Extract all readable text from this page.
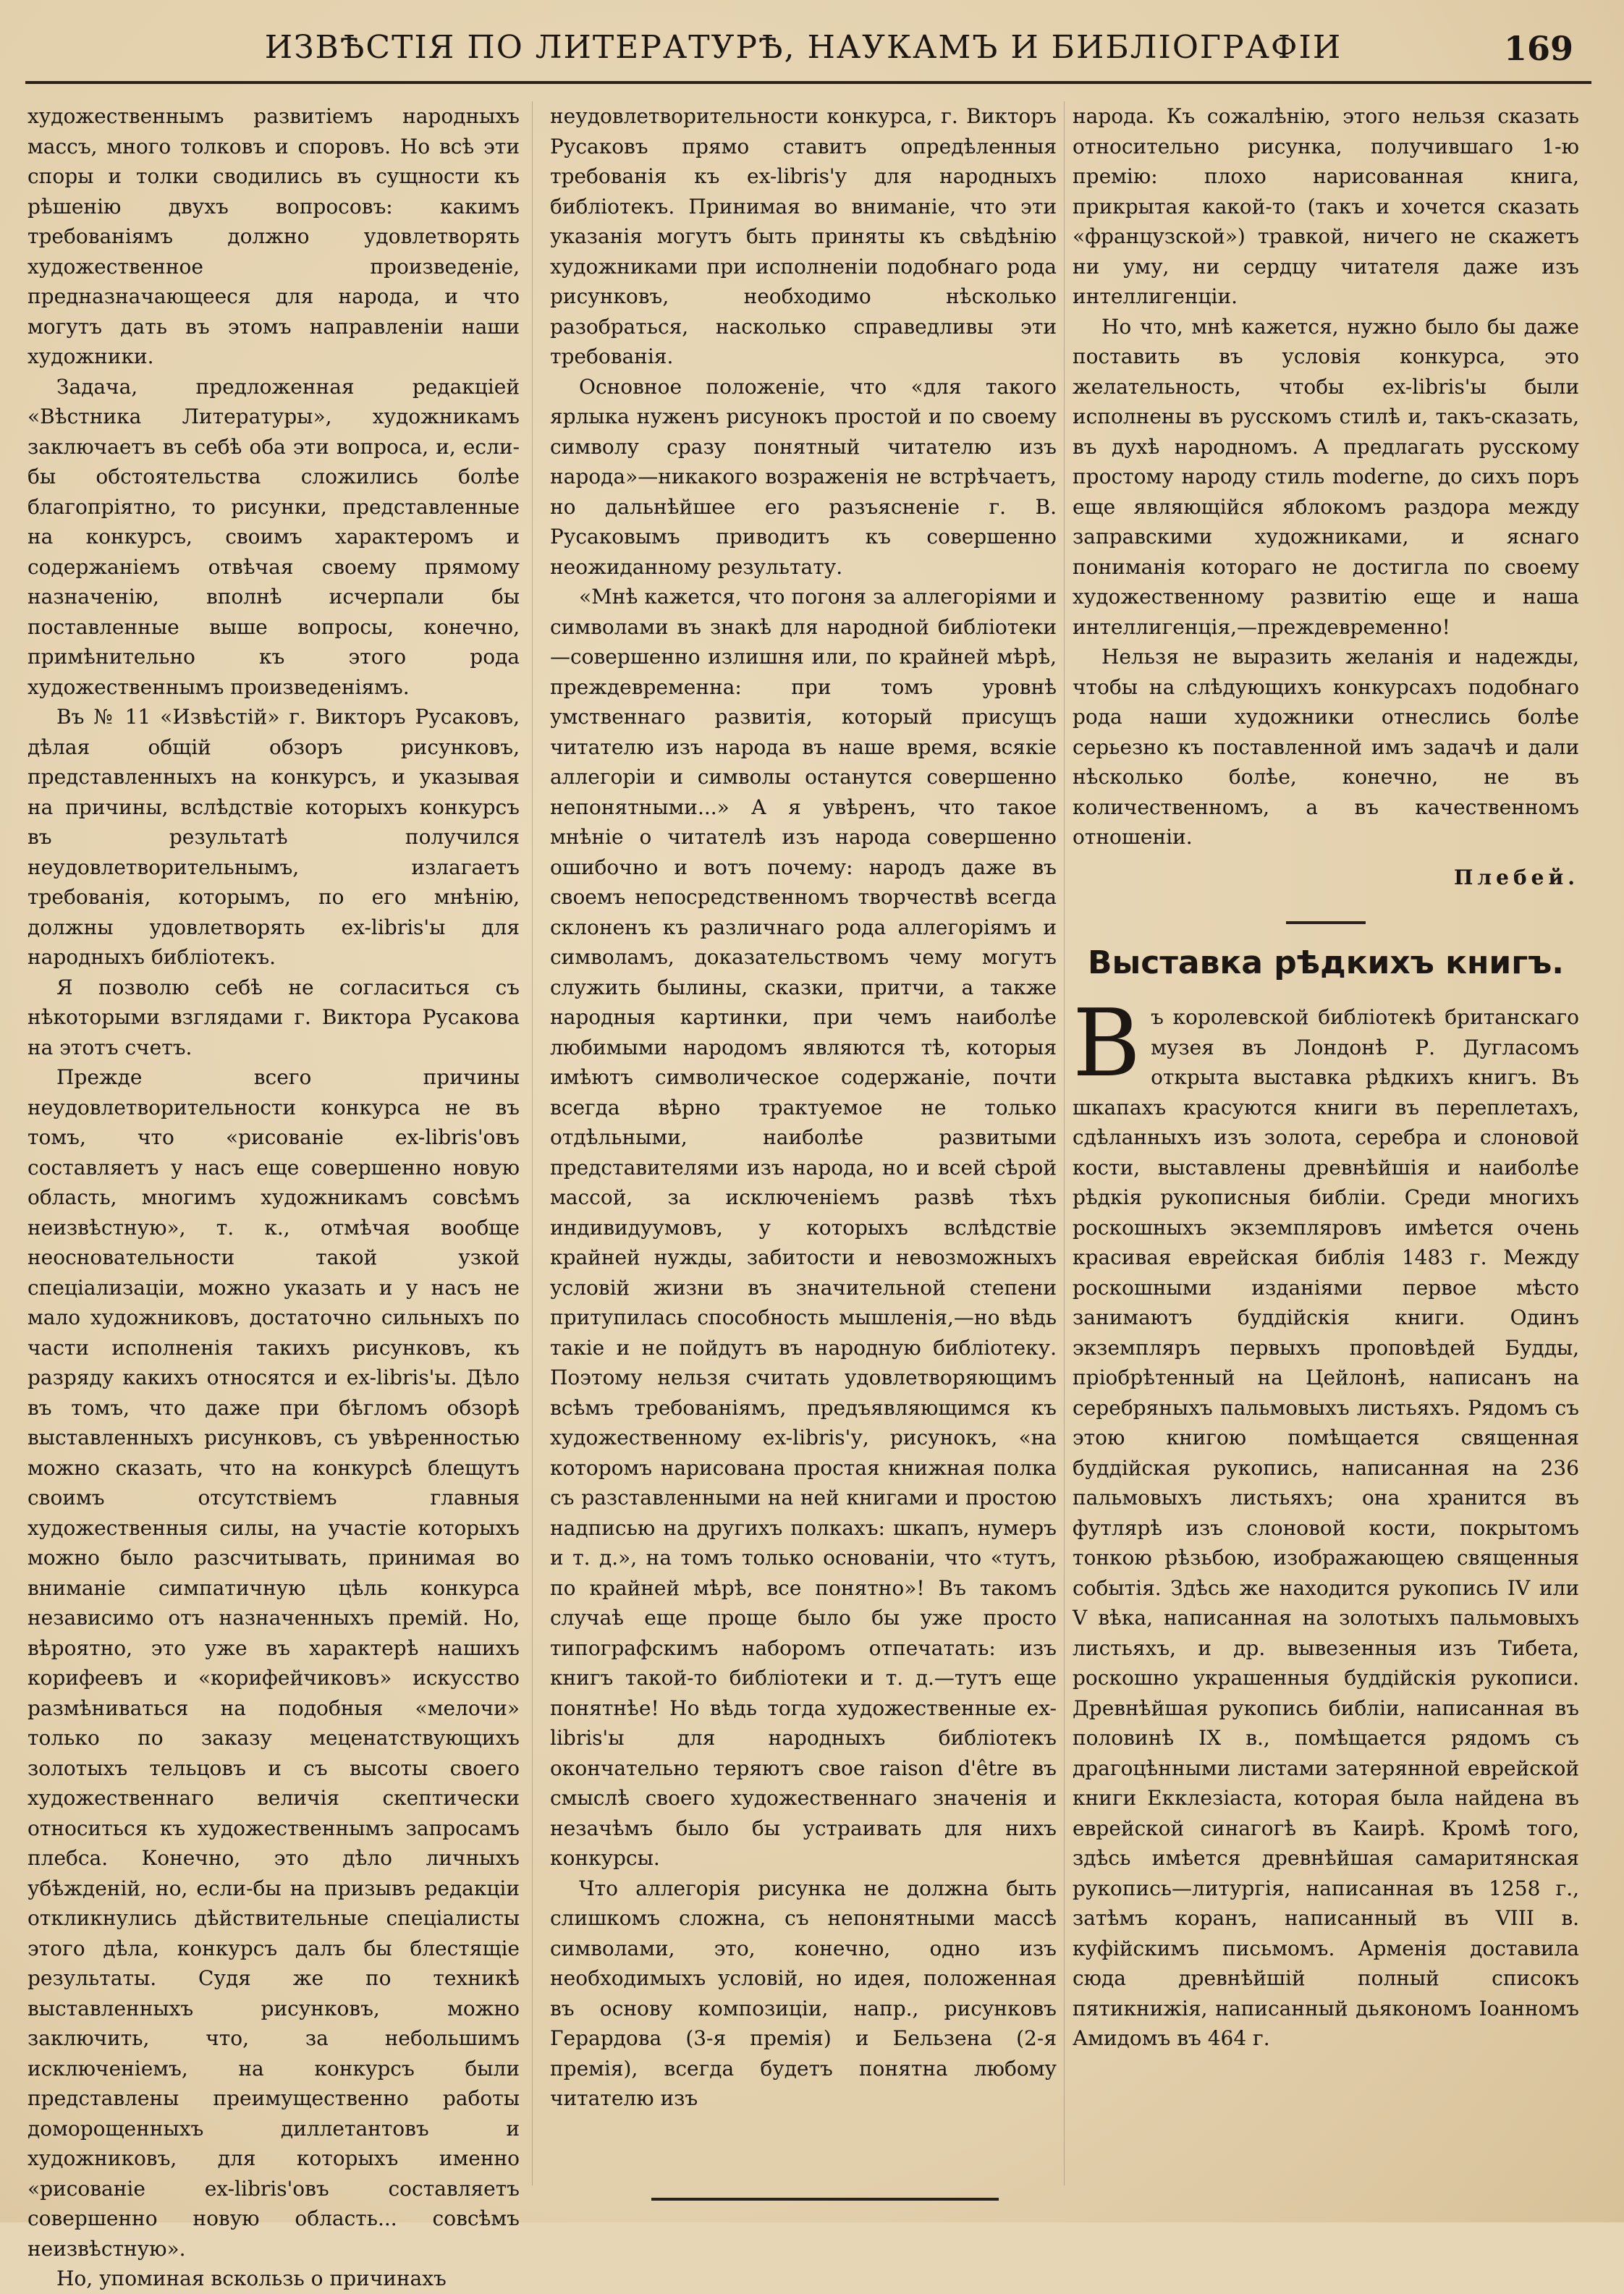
ИЗВѢСТІЯ ПО ЛИТЕРАТУРѢ, НАУКАМЪ И БИБЛІОГРАФІИ	169

художественнымъ развитіемъ народныхъ массъ, много толковъ и споровъ. Но всѣ эти споры и толки сводились въ сущности къ рѣшенію двухъ вопросовъ: какимъ требованіямъ должно удовлетворять художественное произведеніе, предназначающееся для народа, и что могутъ дать въ этомъ направленіи наши художники.

Задача, предложенная редакціей «Вѣстника Литературы», художникамъ заключаетъ въ себѣ оба эти вопроса, и, если-бы обстоятельства сложились болѣе благопріятно, то рисунки, представленные на конкурсъ, своимъ характеромъ и содержаніемъ отвѣчая своему прямому назначенію, вполнѣ исчерпали бы поставленные выше вопросы, конечно, примѣнительно къ этого рода художественнымъ произведеніямъ.

Въ № 11 «Извѣстій» г. Викторъ Русаковъ, дѣлая общій обзоръ рисунковъ, представленныхъ на конкурсъ, и указывая на причины, вслѣдствіе которыхъ конкурсъ въ результатѣ получился неудовлетворительнымъ, излагаетъ требованія, которымъ, по его мнѣнію, должны удовлетворять ex-libris'ы для народныхъ библіотекъ.

Я позволю себѣ не согласиться съ нѣкоторыми взглядами г. Виктора Русакова на этотъ счетъ.

Прежде всего причины неудовлетворительности конкурса не въ томъ, что «рисованіе ex-libris'овъ составляетъ у насъ еще совершенно новую область, многимъ художникамъ совсѣмъ неизвѣстную», т. к., отмѣчая вообще неосновательности такой узкой спеціализаціи, можно указать и у насъ не мало художниковъ, достаточно сильныхъ по части исполненія такихъ рисунковъ, къ разряду какихъ относятся и ex-libris'ы. Дѣло въ томъ, что даже при бѣгломъ обзорѣ выставленныхъ рисунковъ, съ увѣренностью можно сказать, что на конкурсѣ блещутъ своимъ отсутствіемъ главныя художественныя силы, на участіе которыхъ можно было разсчитывать, принимая во вниманіе симпатичную цѣль конкурса независимо отъ назначенныхъ премій. Но, вѣроятно, это уже въ характерѣ нашихъ корифеевъ и «корифейчиковъ» искусство размѣниваться на подобныя «мелочи» только по заказу меценатствующихъ золотыхъ тельцовъ и съ высоты своего художественнаго величія скептически относиться къ художественнымъ запросамъ плебса. Конечно, это дѣло личныхъ убѣжденій, но, если-бы на призывъ редакціи откликнулись дѣйствительные спеціалисты этого дѣла, конкурсъ далъ бы блестящіе результаты. Судя же по техникѣ выставленныхъ рисунковъ, можно заключить, что, за небольшимъ исключеніемъ, на конкурсъ были представлены преимущественно работы доморощенныхъ диллетантовъ и художниковъ, для которыхъ именно «рисованіе ex-libris'овъ составляетъ совершенно новую область... совсѣмъ неизвѣстную».

Но, упоминая вскользь о причинахъ

неудовлетворительности конкурса, г. Викторъ Русаковъ прямо ставитъ опредѣленныя требованія къ ex-libris'у для народныхъ библіотекъ. Принимая во вниманіе, что эти указанія могутъ быть приняты къ свѣдѣнію художниками при исполненіи подобнаго рода рисунковъ, необходимо нѣсколько разобраться, насколько справедливы эти требованія.

Основное положеніе, что «для такого ярлыка нуженъ рисунокъ простой и по своему символу сразу понятный читателю изъ народа»—никакого возраженія не встрѣчаетъ, но дальнѣйшее его разъясненіе г. В. Русаковымъ приводитъ къ совершенно неожиданному результату.

«Мнѣ кажется, что погоня за аллегоріями и символами въ знакѣ для народной библіотеки—совершенно излишня или, по крайней мѣрѣ, преждевременна: при томъ уровнѣ умственнаго развитія, который присущъ читателю изъ народа въ наше время, всякіе аллегоріи и символы останутся совершенно непонятными...» А я увѣренъ, что такое мнѣніе о читателѣ изъ народа совершенно ошибочно и вотъ почему: народъ даже въ своемъ непосредственномъ творчествѣ всегда склоненъ къ различнаго рода аллегоріямъ и символамъ, доказательствомъ чему могутъ служить былины, сказки, притчи, а также народныя картинки, при чемъ наиболѣе любимыми народомъ являются тѣ, которыя имѣютъ символическое содержаніе, почти всегда вѣрно трактуемое не только отдѣльными, наиболѣе развитыми представителями изъ народа, но и всей сѣрой массой, за исключеніемъ развѣ тѣхъ индивидуумовъ, у которыхъ вслѣдствіе крайней нужды, забитости и невозможныхъ условій жизни въ значительной степени притупилась способность мышленія,—но вѣдь такіе и не пойдутъ въ народную библіотеку. Поэтому нельзя считать удовлетворяющимъ всѣмъ требованіямъ, предъявляющимся къ художественному ex-libris'у, рисунокъ, «на которомъ нарисована простая книжная полка съ разставленными на ней книгами и простою надписью на другихъ полкахъ: шкапъ, нумеръ и т. д.», на томъ только основаніи, что «тутъ, по крайней мѣрѣ, все понятно»! Въ такомъ случаѣ еще проще было бы уже просто типографскимъ наборомъ отпечатать: изъ книгъ такой-то библіотеки и т. д.—тутъ еще понятнѣе! Но вѣдь тогда художественные ex-libris'ы для народныхъ библіотекъ окончательно теряютъ свое raison d'être въ смыслѣ своего художественнаго значенія и незачѣмъ было бы устраивать для нихъ конкурсы.

Что аллегорія рисунка не должна быть слишкомъ сложна, съ непонятными массѣ символами, это, конечно, одно изъ необходимыхъ условій, но идея, положенная въ основу композиціи, напр., рисунковъ Герардова (3-я премія) и Бельзена (2-я премія), всегда будетъ понятна любому читателю изъ

народа. Къ сожалѣнію, этого нельзя сказать относительно рисунка, получившаго 1-ю премію: плохо нарисованная книга, прикрытая какой-то (такъ и хочется сказать «французской») травкой, ничего не скажетъ ни уму, ни сердцу читателя даже изъ интеллигенціи.

Но что, мнѣ кажется, нужно было бы даже поставить въ условія конкурса, это желательность, чтобы ex-libris'ы были исполнены въ русскомъ стилѣ и, такъ-сказать, въ духѣ народномъ. А предлагать русскому простому народу стиль moderne, до сихъ поръ еще являющійся яблокомъ раздора между заправскими художниками, и яснаго пониманія котораго не достигла по своему художественному развитію еще и наша интеллигенція,—преждевременно!

Нельзя не выразить желанія и надежды, чтобы на слѣдующихъ конкурсахъ подобнаго рода наши художники отнеслись болѣе серьезно къ поставленной имъ задачѣ и дали нѣсколько болѣе, конечно, не въ количественномъ, а въ качественномъ отношеніи.

Плебей.

Выставка рѣдкихъ книгъ.

Въ королевской библіотекѣ британскаго музея въ Лондонѣ Р. Дугласомъ открыта выставка рѣдкихъ книгъ. Въ шкапахъ красуются книги въ переплетахъ, сдѣланныхъ изъ золота, серебра и слоновой кости, выставлены древнѣйшія и наиболѣе рѣдкія рукописныя библіи. Среди многихъ роскошныхъ экземпляровъ имѣется очень красивая еврейская библія 1483 г. Между роскошными изданіями первое мѣсто занимаютъ буддійскія книги. Одинъ экземпляръ первыхъ проповѣдей Будды, пріобрѣтенный на Цейлонѣ, написанъ на серебряныхъ пальмовыхъ листьяхъ. Рядомъ съ этою книгою помѣщается священная буддійская рукопись, написанная на 236 пальмовыхъ листьяхъ; она хранится въ футлярѣ изъ слоновой кости, покрытомъ тонкою рѣзьбою, изображающею священныя событія. Здѣсь же находится рукопись IV или V вѣка, написанная на золотыхъ пальмовыхъ листьяхъ, и др. вывезенныя изъ Тибета, роскошно украшенныя буддійскія рукописи. Древнѣйшая рукопись библіи, написанная въ половинѣ IX в., помѣщается рядомъ съ драгоцѣнными листами затерянной еврейской книги Екклезіаста, которая была найдена въ еврейской синагогѣ въ Каирѣ. Кромѣ того, здѣсь имѣется древнѣйшая самаритянская рукопись—литургія, написанная въ 1258 г., затѣмъ коранъ, написанный въ VIII в. куфійскимъ письмомъ. Арменія доставила сюда древнѣйшій полный списокъ пятикнижія, написанный дьякономъ Іоанномъ Амидомъ въ 464 г.
